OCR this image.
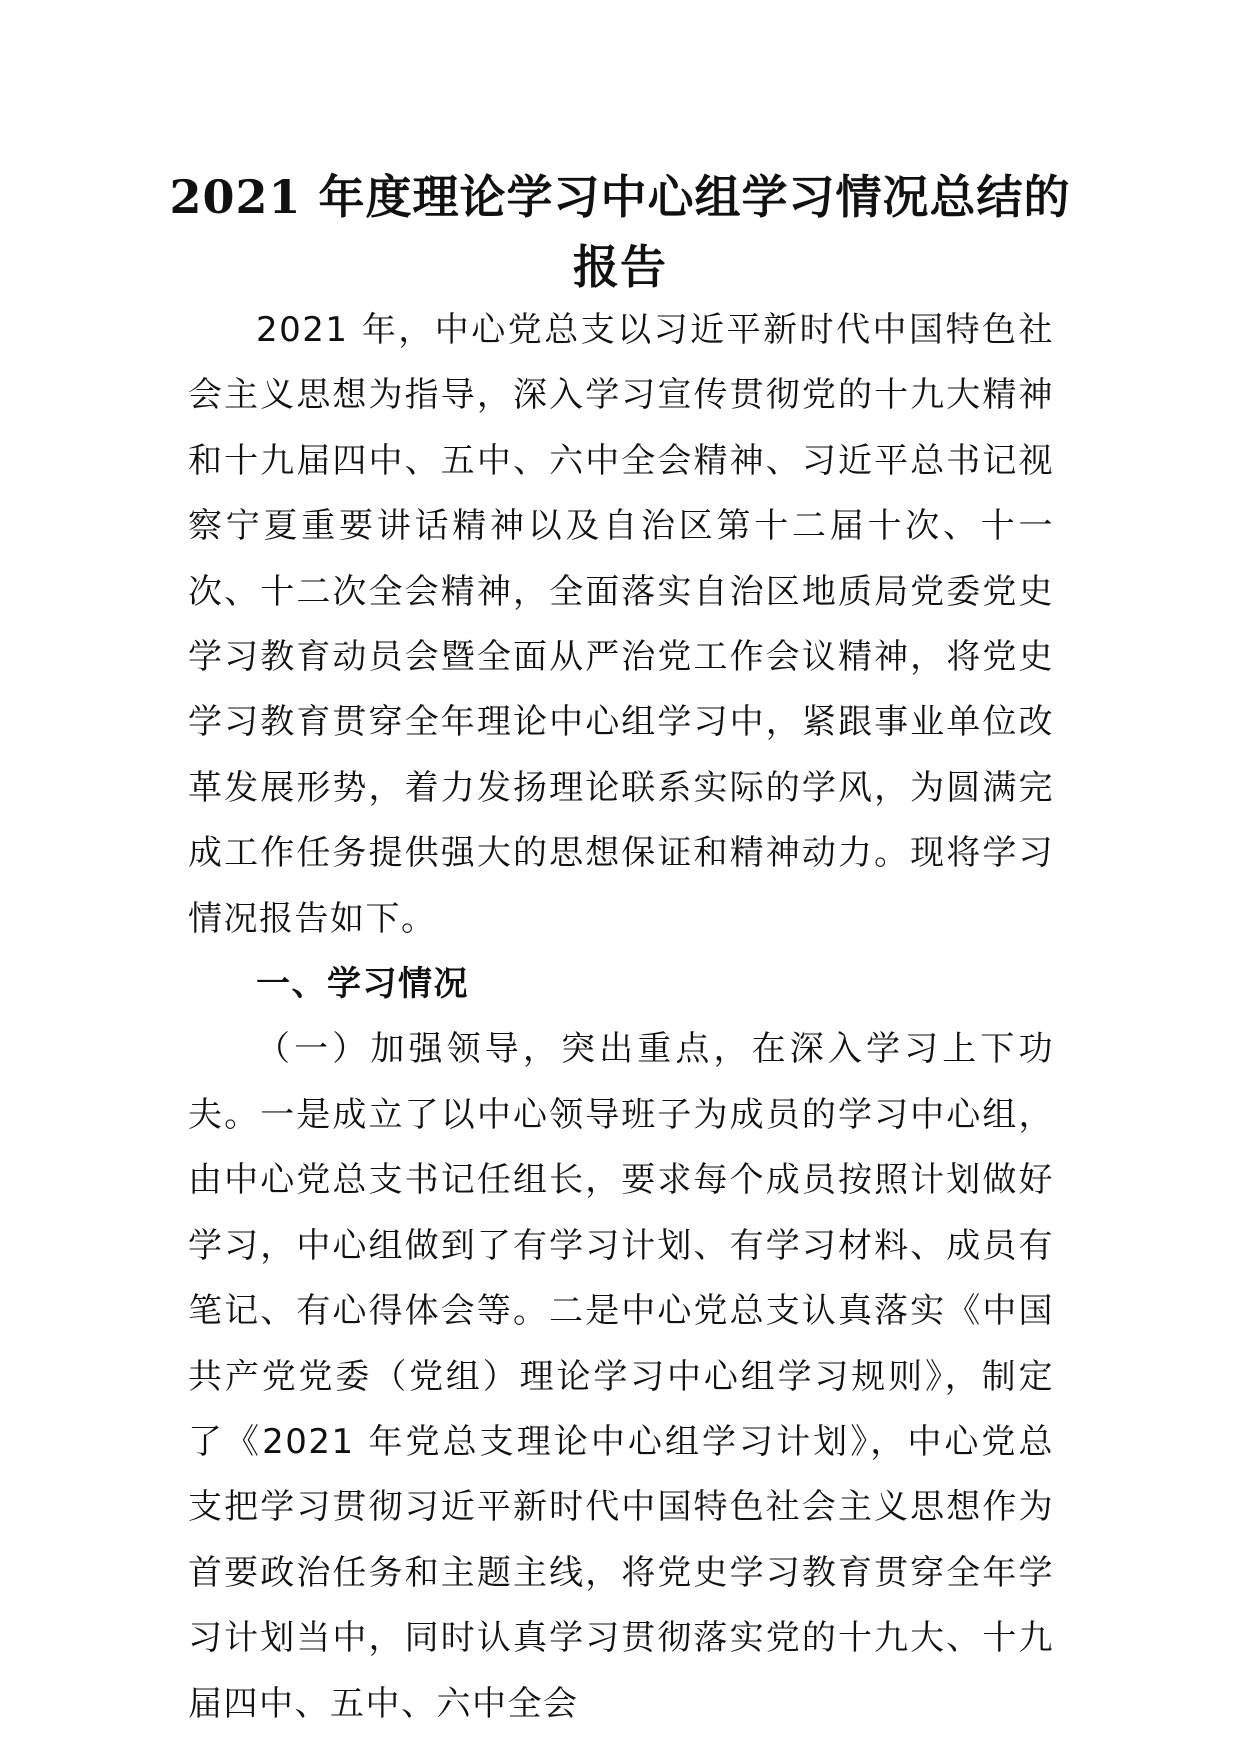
2021 年度理论学习中心组学习情况总结的
报告

2021 年，中心党总支以习近平新时代中国特色社会主义思想为指导，深入学习宣传贯彻党的十九大精神和十九届四中、五中、六中全会精神、习近平总书记视察宁夏重要讲话精神以及自治区第十二届十次、十一次、十二次全会精神，全面落实自治区地质局党委党史学习教育动员会暨全面从严治党工作会议精神，将党史学习教育贯穿全年理论中心组学习中，紧跟事业单位改革发展形势，着力发扬理论联系实际的学风，为圆满完成工作任务提供强大的思想保证和精神动力。现将学习情况报告如下。

一、学习情况

（一）加强领导，突出重点，在深入学习上下功夫。一是成立了以中心领导班子为成员的学习中心组，由中心党总支书记任组长，要求每个成员按照计划做好学习，中心组做到了有学习计划、有学习材料、成员有笔记、有心得体会等。二是中心党总支认真落实《中国共产党党委（党组）理论学习中心组学习规则》，制定了《2021 年党总支理论中心组学习计划》，中心党总支把学习贯彻习近平新时代中国特色社会主义思想作为首要政治任务和主题主线，将党史学习教育贯穿全年学习计划当中，同时认真学习贯彻落实党的十九大、十九届四中、五中、六中全会
